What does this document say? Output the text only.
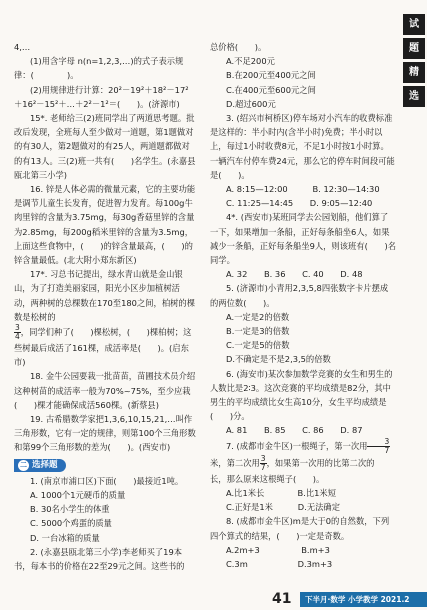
4,…

(1)用含字母 n(n=1,2,3,…)的式子表示规律：(　　　　)。

(2)用规律进行计算：20²－19²＋18²－17²＋16²－15²＋…＋2²－1²＝(　　)。(济源市)

15*. 老师给三(2)班同学出了两道思考题。批改后发现，全班每人至少做对一道题，第1题做对的有30人，第2题做对的有25人，两道题都做对的有13人。三(2)班一共有(　　)名学生。(永嘉县瓯北第三小学)

16. 锌是人体必需的微量元素，它的主要功能是调节儿童生长发育，促进智力发育。每100g牛肉里锌的含量为3.75mg，每30g香菇里锌的含量为2.85mg，每200g稻米里锌的含量为3.5mg，上面这些食物中，(　　)的锌含量最高，(　　)的锌含量最低。(北大附小郑东新区)

17*. 习总书记提出，绿水青山就是金山银山，为了打造美丽家园，阳光小区步加植树活动，两种树的总棵数在170至180之间，柏树的棵数是松树的

$\frac{3}{4}$ ，同学们种了(　　)棵松树，(　　)棵柏树；这些树最后成活了161棵，成活率是(　　)。(启东市)

18. 金牛公园要栽一批苗苗，苗圃技术员介绍这种树苗的成活率一般为70%~75%，至少应栽(　　)棵才能确保成活560棵。(新蔡县)

19. 古希腊数学家把1,3,6,10,15,21,…叫作三角形数，它有一定的规律，则第100个三角形数和第99个三角形数的差为(　　)。(西安市)

二 选择题

1. (南京市浦口区)下面(　　)最接近1吨。

A. 1000个1元硬币的质量

B. 30名小学生的体重

C. 5000个鸡蛋的质量

D. 一台冰箱的质量

2. (永嘉县瓯北第三小学)李老师买了19本书，每本书的价格在22至29元之间。这些书的

总价格(　　)。

A.不足200元

B.在200元至400元之间

C.在400元至600元之间

D.超过600元

3. (绍兴市柯桥区)停车场对小汽车的收费标准是这样的：半小时内(含半小时)免费；半小时以上，每过1小时收费8元，不足1小时按1小时算。一辆汽车付停车费24元，那么它的停车时间段可能是(　　)。

A. 8:15—12:00　　　B. 12:30—14:30

C. 11:25—14:45　　D. 9:05—12:40

4*. (西安市)某班同学去公园划船，他们算了一下，如果增加一条船，正好每条船坐6人，如果减少一条船，正好每条船坐9人，则该班有(　　)名同学。

A. 32　　B. 36　　C. 40　　D. 48

5. (济源市)小青用2,3,5,8四张数字卡片摆成的两位数(　　)。

A.一定是2的倍数

B.一定是3的倍数

C.一定是5的倍数

D.不确定是不是2,3,5的倍数

6. (海安市)某次参加数学竞赛的女生和男生的人数比是2∶3。这次竞赛的平均成绩是82分，其中男生的平均成绩比女生高10分，女生平均成绩是(　　)分。

A. 81　　B. 85　　C. 86　　D. 87

7. (成都市金牛区)一根绳子，第一次用 $\frac{3}{7}$

米，第二次用 $\frac{3}{7}$ ，如果第一次用的比第二次的

长，那么原来这根绳子(　　)。

A.比1米长　　　　B.比1米短

C.正好是1米　　　D.无法确定

8. (成都市金牛区)m是大于0的自然数，下列四个算式的结果，(　　)一定是奇数。

A.2m+3　　　　　B.m+3

C.3m　　　　　　D.3m+3

试
题
精
选
41	下半月·数学 小学教学 2021.2
